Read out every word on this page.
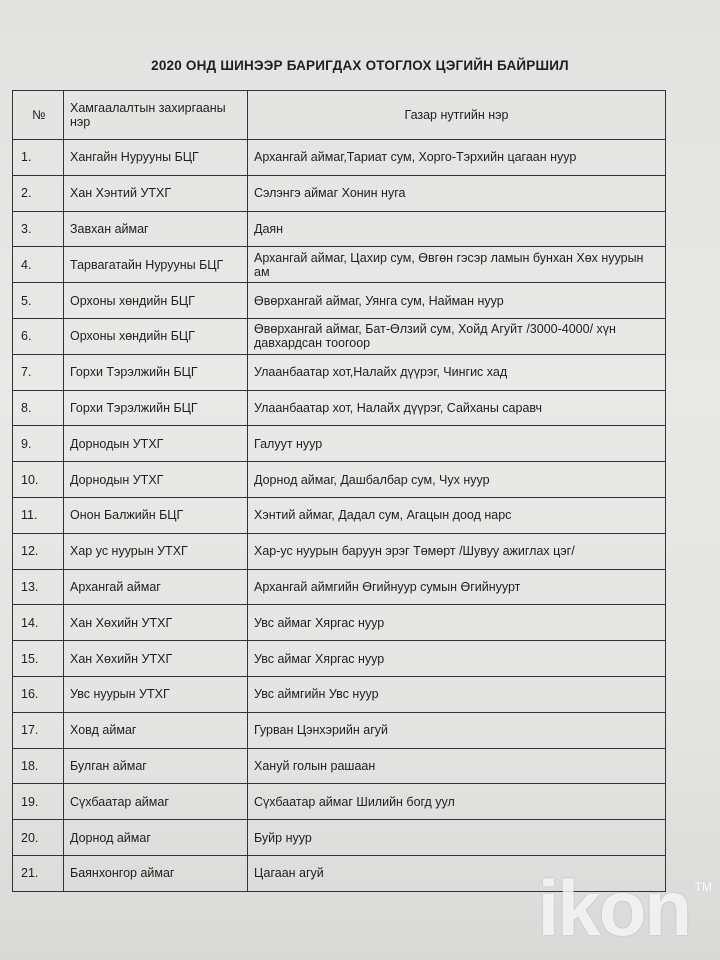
2020 ОНД ШИНЭЭР БАРИГДАХ ОТОГЛОХ ЦЭГИЙН БАЙРШИЛ
№	Хамгаалалтын захиргааны нэр	Газар нутгийн нэр
1.	Хангайн Нурууны БЦГ	Архангай аймаг,Тариат сум, Хорго-Тэрхийн цагаан нуур
2.	Хан Хэнтий УТХГ	Сэлэнгэ аймаг Хонин нуга
3.	Завхан аймаг	Даян
4.	Тарвагатайн Нурууны БЦГ	Архангай аймаг, Цахир сум, Өвгөн гэсэр ламын бунхан Хөх нуурын ам
5.	Орхоны хөндийн БЦГ	Өвөрхангай аймаг, Уянга сум, Найман нуур
6.	Орхоны хөндийн БЦГ	Өвөрхангай аймаг, Бат-Өлзий сум, Хойд Агуйт /3000-4000/ хүн давхардсан тоогоор
7.	Горхи Тэрэлжийн БЦГ	Улаанбаатар хот,Налайх дүүрэг, Чингис хад
8.	Горхи Тэрэлжийн БЦГ	Улаанбаатар хот, Налайх дүүрэг, Сайханы саравч
9.	Дорнодын УТХГ	Галуут нуур
10.	Дорнодын УТХГ	Дорнод аймаг, Дашбалбар сум, Чух нуур
11.	Онон Балжийн БЦГ	Хэнтий аймаг, Дадал сум, Агацын доод нарс
12.	Хар ус нуурын УТХГ	Хар-ус нуурын баруун эрэг Төмөрт /Шувуу ажиглах цэг/
13.	Архангай аймаг	Архангай аймгийн Өгийнуур сумын Өгийнуурт
14.	Хан Хөхийн УТХГ	Увс аймаг Хяргас нуур
15.	Хан Хөхийн УТХГ	Увс аймаг Хяргас нуур
16.	Увс нуурын УТХГ	Увс аймгийн Увс нуур
17.	Ховд аймаг	Гурван Цэнхэрийн агуй
18.	Булган аймаг	Хануй голын рашаан
19.	Сүхбаатар аймаг	Сүхбаатар аймаг Шилийн богд уул
20.	Дорнод аймаг	Буйр нуур
21.	Баянхонгор аймаг	Цагаан агуй
TM
ikon
